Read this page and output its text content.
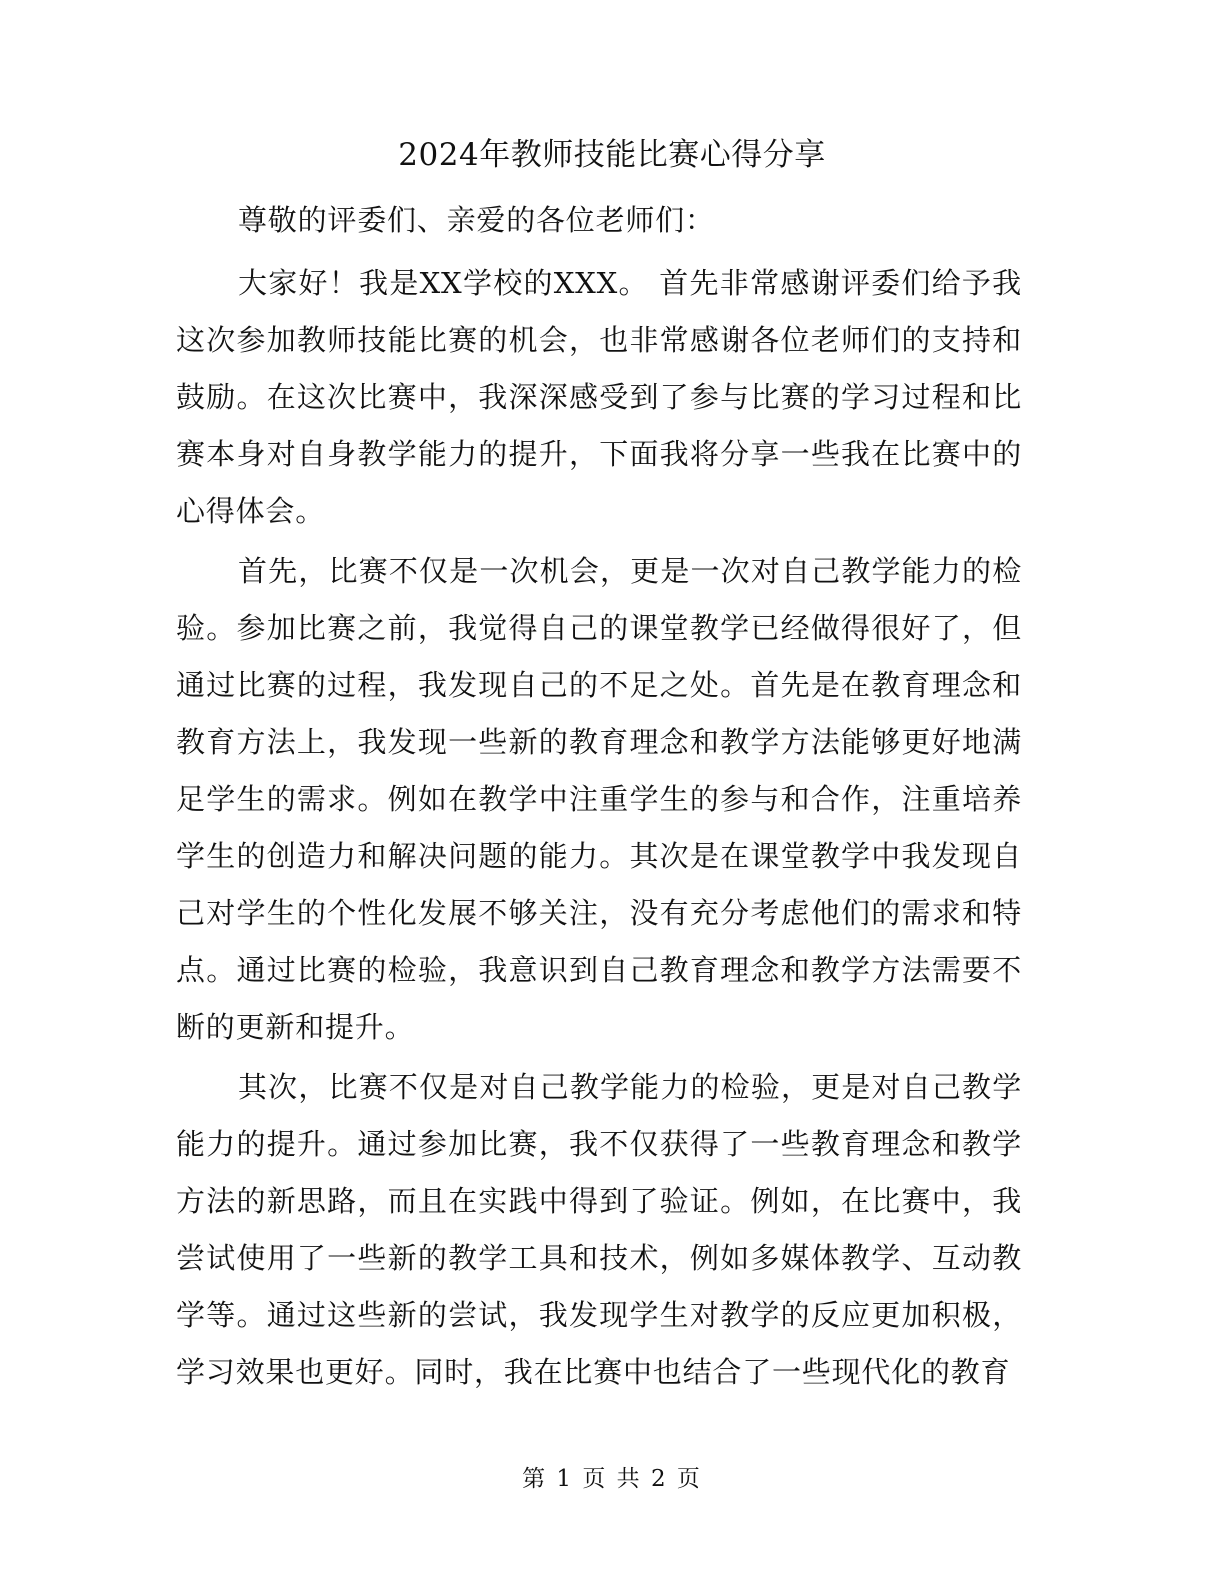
2024年教师技能比赛心得分享

尊敬的评委们、亲爱的各位老师们：

大家好！我是XX学校的XXX。 首先非常感谢评委们给予我这次参加教师技能比赛的机会，也非常感谢各位老师们的支持和鼓励。在这次比赛中，我深深感受到了参与比赛的学习过程和比赛本身对自身教学能力的提升，下面我将分享一些我在比赛中的心得体会。

首先，比赛不仅是一次机会，更是一次对自己教学能力的检验。参加比赛之前，我觉得自己的课堂教学已经做得很好了，但通过比赛的过程，我发现自己的不足之处。首先是在教育理念和教育方法上，我发现一些新的教育理念和教学方法能够更好地满足学生的需求。例如在教学中注重学生的参与和合作，注重培养学生的创造力和解决问题的能力。其次是在课堂教学中我发现自己对学生的个性化发展不够关注，没有充分考虑他们的需求和特点。通过比赛的检验，我意识到自己教育理念和教学方法需要不断的更新和提升。

其次，比赛不仅是对自己教学能力的检验，更是对自己教学能力的提升。通过参加比赛，我不仅获得了一些教育理念和教学方法的新思路，而且在实践中得到了验证。例如，在比赛中，我尝试使用了一些新的教学工具和技术，例如多媒体教学、互动教学等。通过这些新的尝试，我发现学生对教学的反应更加积极，学习效果也更好。同时，我在比赛中也结合了一些现代化的教育

第 1 页 共 2 页
